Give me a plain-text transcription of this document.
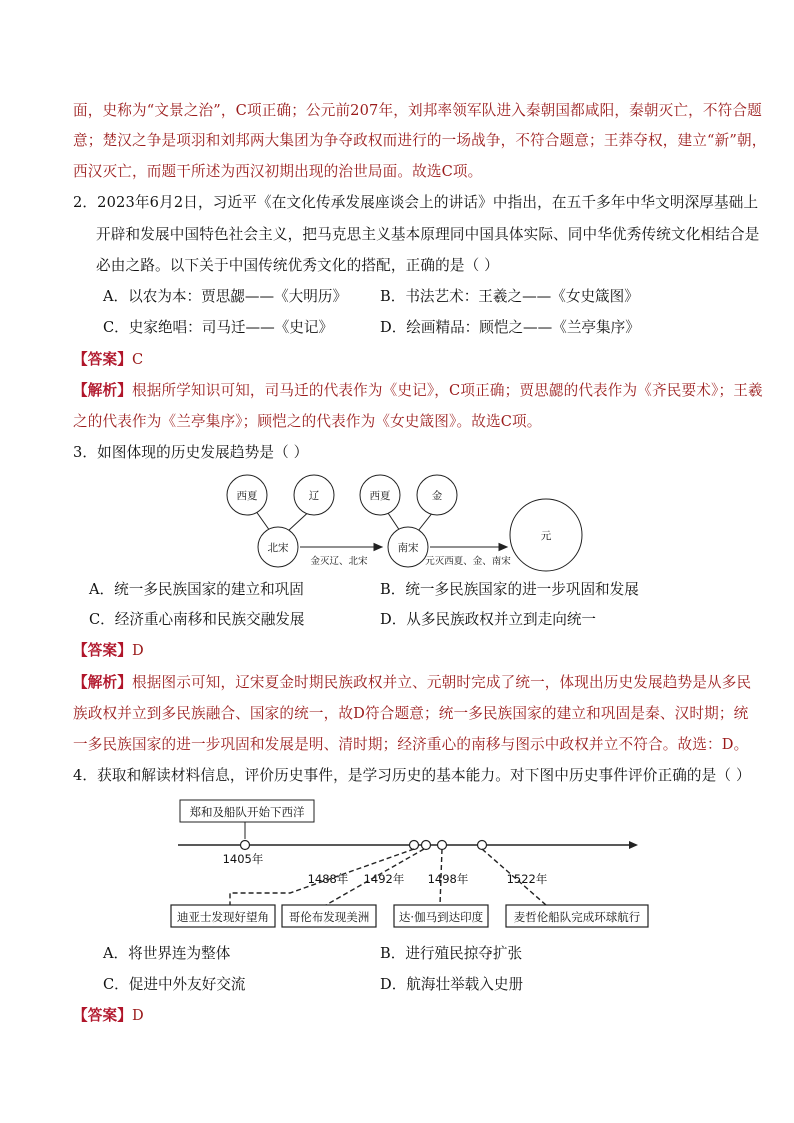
面，史称为“文景之治”，C项正确；公元前207年，刘邦率领军队进入秦朝国都咸阳，秦朝灭亡，不符合题
意；楚汉之争是项羽和刘邦两大集团为争夺政权而进行的一场战争，不符合题意；王莽夺权，建立“新”朝，
西汉灭亡，而题干所述为西汉初期出现的治世局面。故选C项。
2．2023年6月2日，习近平《在文化传承发展座谈会上的讲话》中指出，在五千多年中华文明深厚基础上
开辟和发展中国特色社会主义，把马克思主义基本原理同中国具体实际、同中华优秀传统文化相结合是
必由之路。以下关于中国传统优秀文化的搭配，正确的是（ ）
A．以农为本：贾思勰——《大明历》 B．书法艺术：王羲之——《女史箴图》
C．史家绝唱：司马迁——《史记》	D．绘画精品：顾恺之——《兰亭集序》
【答案】C
【解析】根据所学知识可知，司马迁的代表作为《史记》，C项正确；贾思勰的代表作为《齐民要术》；王羲
之的代表作为《兰亭集序》；顾恺之的代表作为《女史箴图》。故选C项。
3．如图体现的历史发展趋势是（ ）
西夏	辽
北宋
西夏	金
南宋
元
金灭辽、北宋	元灭西夏、金、南宋
A．统一多民族国家的建立和巩固	B．统一多民族国家的进一步巩固和发展
C．经济重心南移和民族交融发展	D．从多民族政权并立到走向统一
【答案】D
【解析】根据图示可知，辽宋夏金时期民族政权并立、元朝时完成了统一，体现出历史发展趋势是从多民
族政权并立到多民族融合、国家的统一，故D符合题意；统一多民族国家的建立和巩固是秦、汉时期；统
一多民族国家的进一步巩固和发展是明、清时期；经济重心的南移与图示中政权并立不符合。故选：D。
4．获取和解读材料信息，评价历史事件，是学习历史的基本能力。对下图中历史事件评价正确的是（ ）
郑和及船队开始下西洋
1405年
1488年 1492年 1498年	1522年
迪亚士发现好望角 哥伦布发现美洲	达·伽马到达印度	麦哲伦船队完成环球航行
A．将世界连为整体	B．进行殖民掠夺扩张
C．促进中外友好交流	D．航海壮举载入史册
【答案】D
